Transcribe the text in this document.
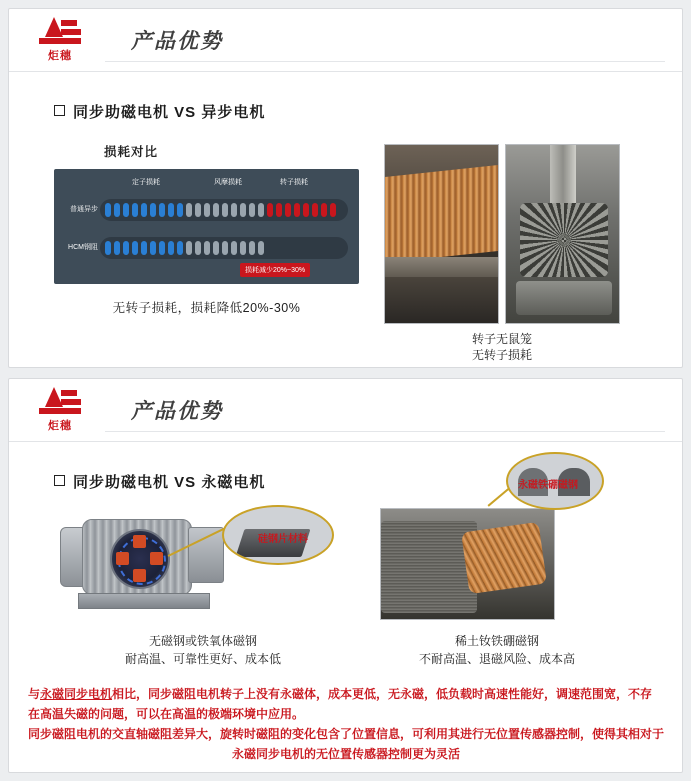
炬穗
产品优势
同步助磁电机 VS 异步电机
损耗对比
定子损耗	风摩损耗	转子损耗
普通异步
HCM钢阻
损耗减少20%~30%
无转子损耗，损耗降低20%-30%
转子无鼠笼
无转子损耗
炬穗
产品优势
同步助磁电机 VS 永磁电机
硅钢片材料
永磁铁硼磁钢
无磁钢或铁氧体磁钢
耐高温、可靠性更好、成本低
稀土钕铁硼磁钢
不耐高温、退磁风险、成本高
与永磁同步电机相比，同步磁阻电机转子上没有永磁体，成本更低，无永磁，低负载时高速性能好，调速范围宽，不存在高温失磁的问题，可以在高温的极端环境中应用。
同步磁阻电机的交直轴磁阻差异大，旋转时磁阻的变化包含了位置信息，可利用其进行无位置传感器控制，使得其相对于永磁同步电机的无位置传感器控制更为灵活
